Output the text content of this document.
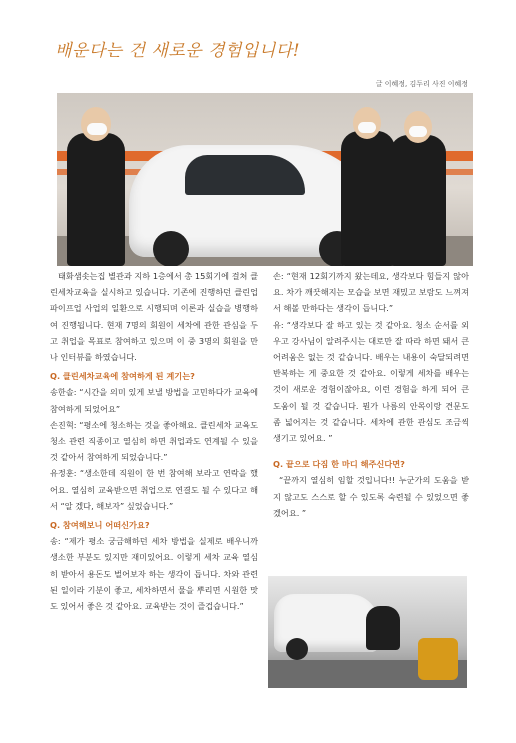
배운다는 건 새로운 경험입니다!
글 이혜정, 김두리 사진 이혜정

태화샘솟는집 별관과 지하 1층에서 총 15회기에 걸쳐 클린세차교육을 실시하고 있습니다. 기존에 진행하던 클린업파이프업 사업의 일환으로 시행되며 이론과 실습을 병행하여 진행됩니다. 현재 7명의 회원이 세차에 관한 관심을 두고 취업을 목표로 참여하고 있으며 이 중 3명의 회원을 만나 인터뷰를 하였습니다.

Q. 클린세차교육에 참여하게 된 계기는?

송한솔: “시간을 의미 있게 보낼 방법을 고민하다가 교육에 참여하게 되었어요”

손진혁: “평소에 청소하는 것을 좋아해요. 클린세차 교육도 청소 관련 직종이고 열심히 하면 취업과도 연계될 수 있을 것 같아서 참여하게 되었습니다.”

유정훈: “생소한데 직원이 한 번 참여해 보라고 연락을 했어요. 열심히 교육받으면 취업으로 연결도 될 수 있다고 해서 “알 겠다, 해보자” 싶었습니다.”

Q. 참여해보니 어떠신가요?

송: “제가 평소 궁금해하던 세차 방법을 실제로 배우니까 생소한 부분도 있지만 재미있어요. 이렇게 세차 교육 열심히 받아서 용돈도 벌어보자 하는 생각이 듭니다. 차와 관련된 일이라 기분이 좋고, 세차하면서 물을 뿌리면 시원한 맛도 있어서 좋은 것 같아요. 교육받는 것이 즐겁습니다.”

손: “현재 12회기까지 왔는데요, 생각보다 힘들지 않아요. 차가 깨끗해지는 모습을 보면 재밌고 보람도 느껴져서 해볼 만하다는 생각이 듭니다.”

유: “생각보다 잘 하고 있는 것 같아요. 청소 순서를 외우고 강사님이 알려주시는 대로만 잘 따라 하면 돼서 큰 어려움은 없는 것 같습니다. 배우는 내용이 숙달되려면 반복하는 게 중요한 것 같아요. 이렇게 세차를 배우는 것이 새로운 경험이잖아요, 이런 경험을 하게 되어 큰 도움이 될 것 같습니다. 뭔가 나름의 안목이랑 견문도 좀 넓어지는 것 같습니다. 세차에 관한 관심도 조금씩 생기고 있어요. ”

Q. 끝으로 다짐 한 마디 해주신다면?

“끝까지 열심히 임할 것입니다!! 누군가의 도움을 받지 않고도 스스로 할 수 있도록 숙련될 수 있었으면 좋겠어요. ”
